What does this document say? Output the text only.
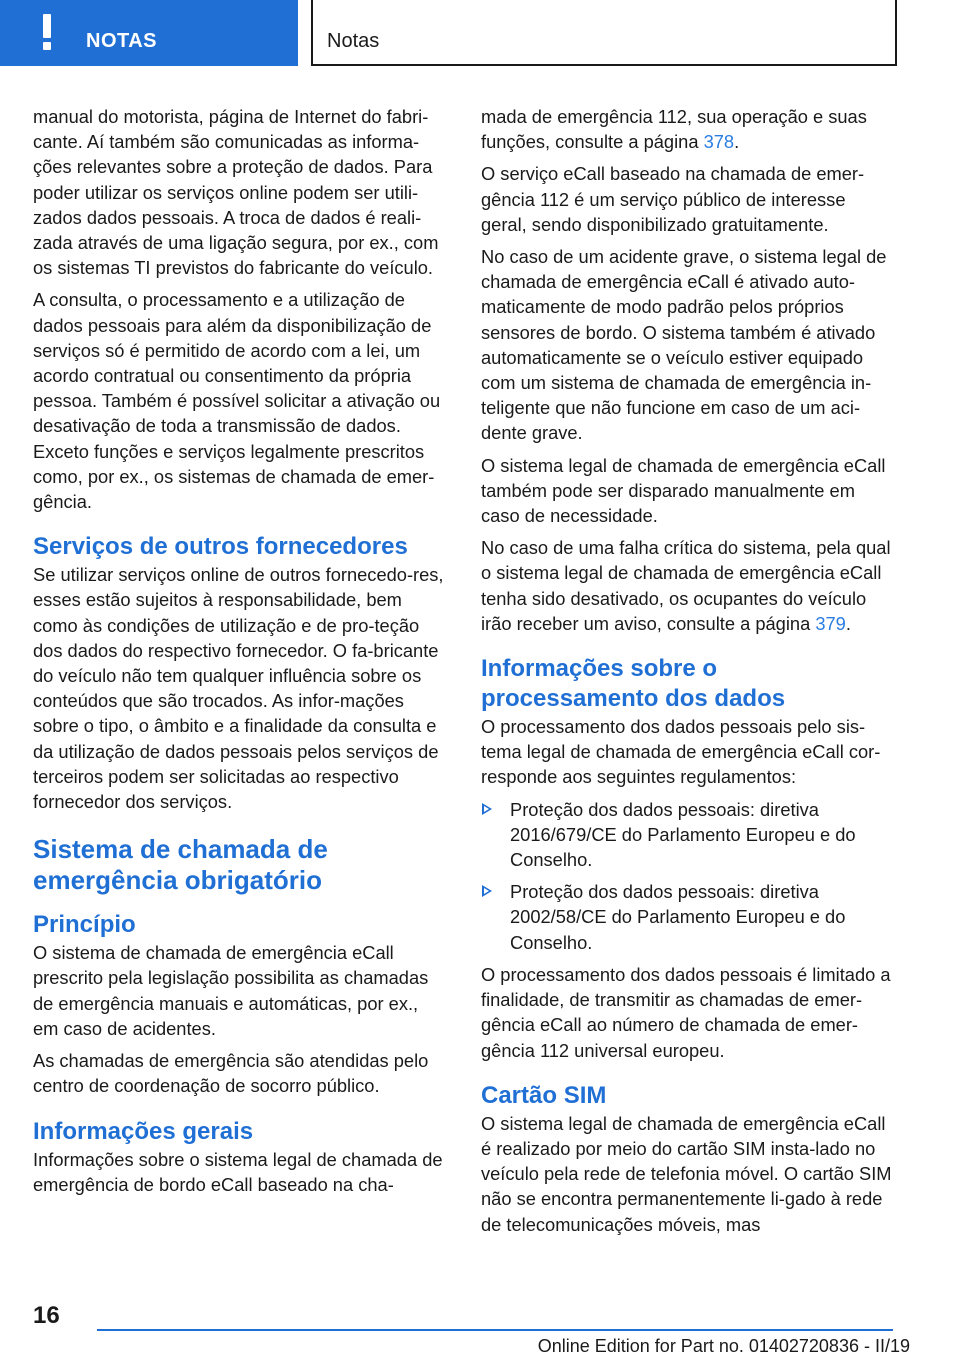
NOTAS	Notas

manual do motorista, página de Internet do fabri-cante. Aí também são comunicadas as informa-ções relevantes sobre a proteção de dados. Para poder utilizar os serviços online podem ser utili-zados dados pessoais. A troca de dados é reali-zada através de uma ligação segura, por ex., com os sistemas TI previstos do fabricante do veículo.

A consulta, o processamento e a utilização de dados pessoais para além da disponibilização de serviços só é permitido de acordo com a lei, um acordo contratual ou consentimento da própria pessoa. Também é possível solicitar a ativação ou desativação de toda a transmissão de dados. Exceto funções e serviços legalmente prescritos como, por ex., os sistemas de chamada de emer-gência.

Serviços de outros fornecedores

Se utilizar serviços online de outros fornecedo-res, esses estão sujeitos à responsabilidade, bem como às condições de utilização e de pro-teção dos dados do respectivo fornecedor. O fa-bricante do veículo não tem qualquer influência sobre os conteúdos que são trocados. As infor-mações sobre o tipo, o âmbito e a finalidade da consulta e da utilização de dados pessoais pelos serviços de terceiros podem ser solicitadas ao respectivo fornecedor dos serviços.

Sistema de chamada de emergência obrigatório
Princípio

O sistema de chamada de emergência eCall prescrito pela legislação possibilita as chamadas de emergência manuais e automáticas, por ex., em caso de acidentes.

As chamadas de emergência são atendidas pelo centro de coordenação de socorro público.

Informações gerais

Informações sobre o sistema legal de chamada de emergência de bordo eCall baseado na cha-

mada de emergência 112, sua operação e suas funções, consulte a página 378.

O serviço eCall baseado na chamada de emer-gência 112 é um serviço público de interesse geral, sendo disponibilizado gratuitamente.

No caso de um acidente grave, o sistema legal de chamada de emergência eCall é ativado auto-maticamente de modo padrão pelos próprios sensores de bordo. O sistema também é ativado automaticamente se o veículo estiver equipado com um sistema de chamada de emergência in-teligente que não funcione em caso de um aci-dente grave.

O sistema legal de chamada de emergência eCall também pode ser disparado manualmente em caso de necessidade.

No caso de uma falha crítica do sistema, pela qual o sistema legal de chamada de emergência eCall tenha sido desativado, os ocupantes do veículo irão receber um aviso, consulte a página 379.

Informações sobre o processamento dos dados

O processamento dos dados pessoais pelo sis-tema legal de chamada de emergência eCall cor-responde aos seguintes regulamentos:

Proteção dos dados pessoais: diretiva 2016/679/CE do Parlamento Europeu e do Conselho.
Proteção dos dados pessoais: diretiva 2002/58/CE do Parlamento Europeu e do Conselho.

O processamento dos dados pessoais é limitado a finalidade, de transmitir as chamadas de emer-gência eCall ao número de chamada de emer-gência 112 universal europeu.

Cartão SIM

O sistema legal de chamada de emergência eCall é realizado por meio do cartão SIM insta-lado no veículo pela rede de telefonia móvel. O cartão SIM não se encontra permanentemente li-gado à rede de telecomunicações móveis, mas

16
Online Edition for Part no. 01402720836 - II/19
